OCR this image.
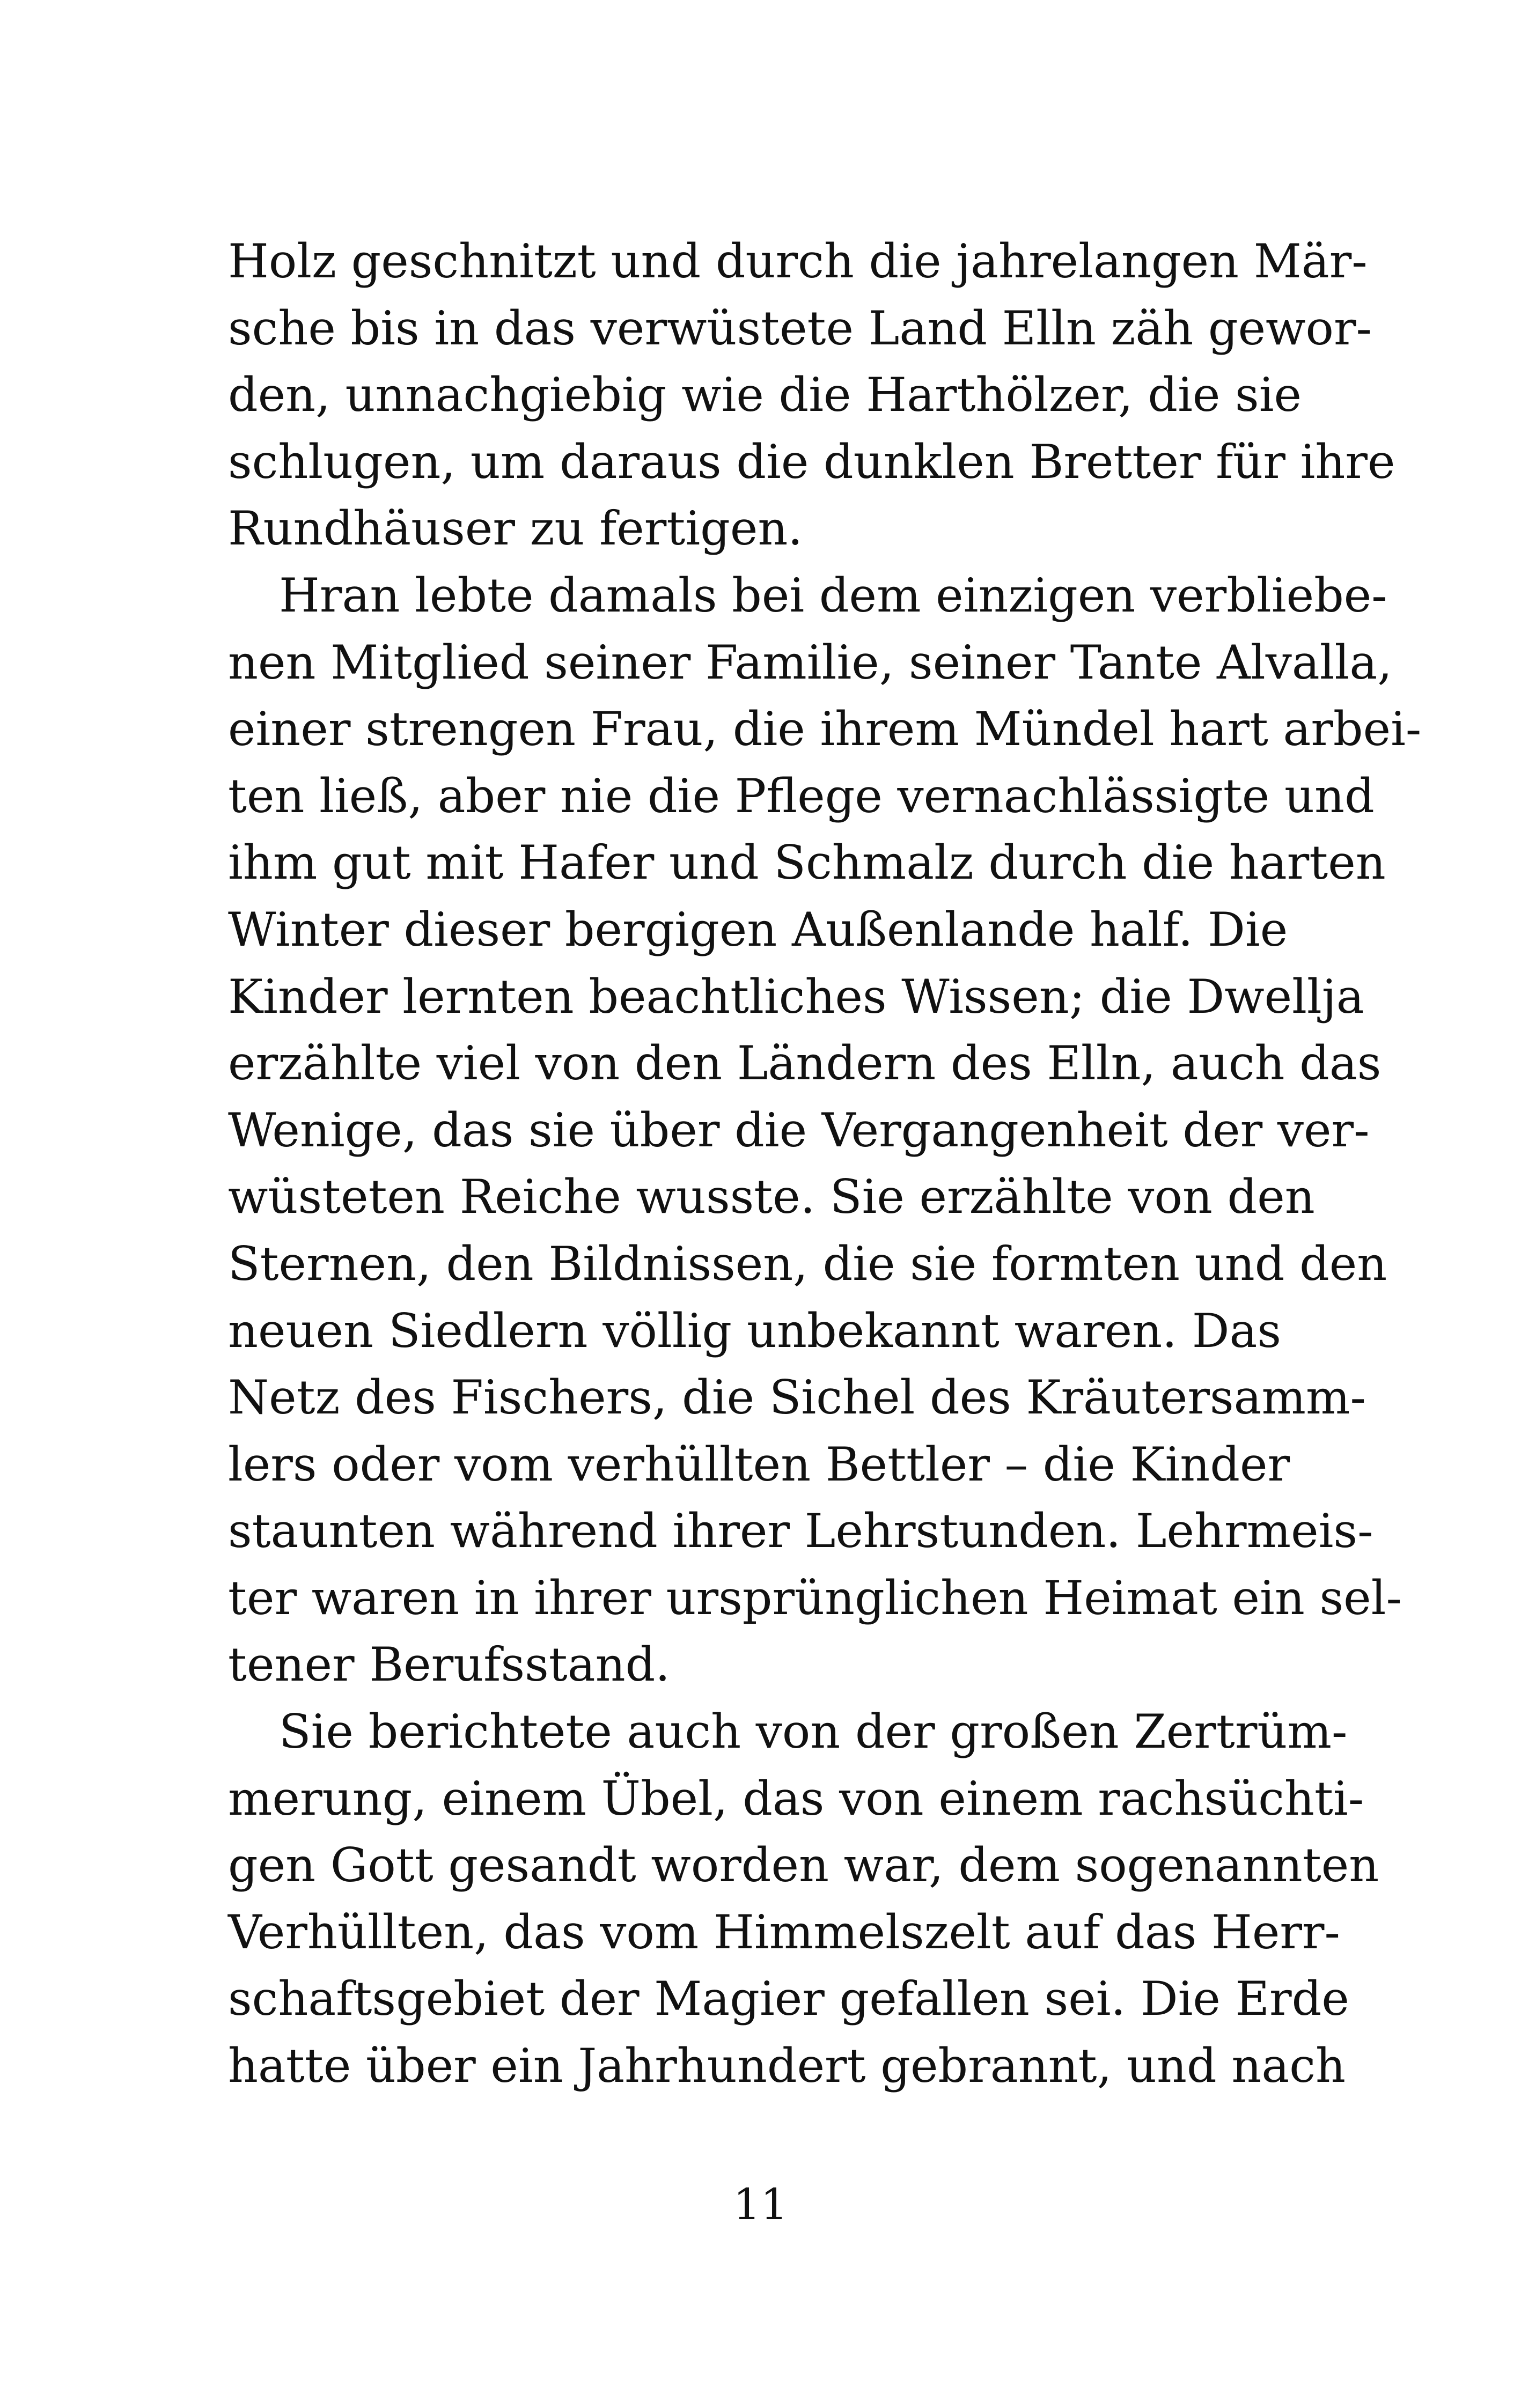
Holz geschnitzt und durch die jahrelangen Mär-
sche bis in das verwüstete Land Elln zäh gewor-
den, unnachgiebig wie die Harthölzer, die sie
schlugen, um daraus die dunklen Bretter für ihre
Rundhäuser zu fertigen.
Hran lebte damals bei dem einzigen verbliebe-
nen Mitglied seiner Familie, seiner Tante Alvalla,
einer strengen Frau, die ihrem Mündel hart arbei-
ten ließ, aber nie die Pflege vernachlässigte und
ihm gut mit Hafer und Schmalz durch die harten
Winter dieser bergigen Außenlande half. Die
Kinder lernten beachtliches Wissen; die Dwellja
erzählte viel von den Ländern des Elln, auch das
Wenige, das sie über die Vergangenheit der ver-
wüsteten Reiche wusste. Sie erzählte von den
Sternen, den Bildnissen, die sie formten und den
neuen Siedlern völlig unbekannt waren. Das
Netz des Fischers, die Sichel des Kräutersamm-
lers oder vom verhüllten Bettler – die Kinder
staunten während ihrer Lehrstunden. Lehrmeis-
ter waren in ihrer ursprünglichen Heimat ein sel-
tener Berufsstand.
Sie berichtete auch von der großen Zertrüm-
merung, einem Übel, das von einem rachsüchti-
gen Gott gesandt worden war, dem sogenannten
Verhüllten, das vom Himmelszelt auf das Herr-
schaftsgebiet der Magier gefallen sei. Die Erde
hatte über ein Jahrhundert gebrannt, und nach
11
